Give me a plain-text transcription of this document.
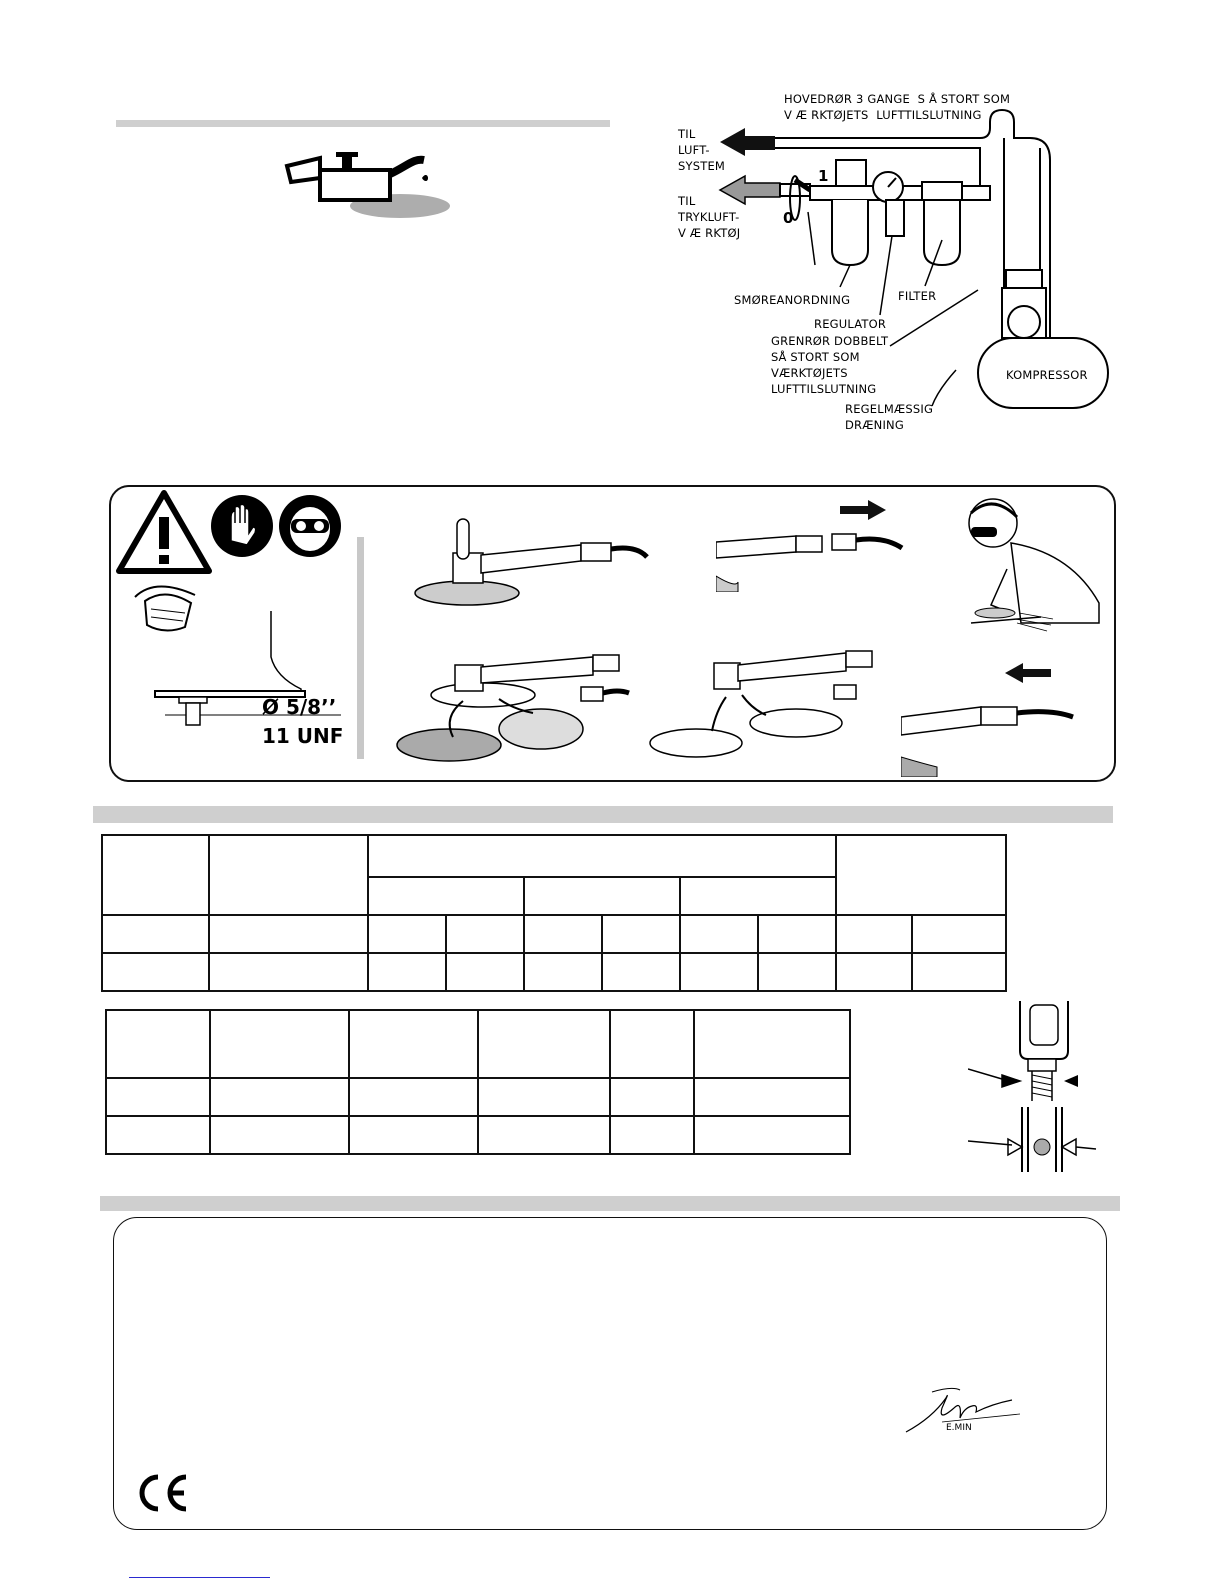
HOVEDRØR 3 GANGE  S Å STORT SOM
V Æ RKTØJETS  LUFTTILSLUTNING
TIL
LUFT-
SYSTEM
TIL
TRYKLUFT-
V Æ RKTØJ
1
0
SMØREANORDNING	FILTER
REGULATOR
GRENRØR DOBBELT
SÅ STORT SOM
VÆRKTØJETS
LUFTTILSLUTNING
KOMPRESSOR
REGELMÆSSIG
DRÆNING
Ø 5/8’’
11 UNF

E.MIN
